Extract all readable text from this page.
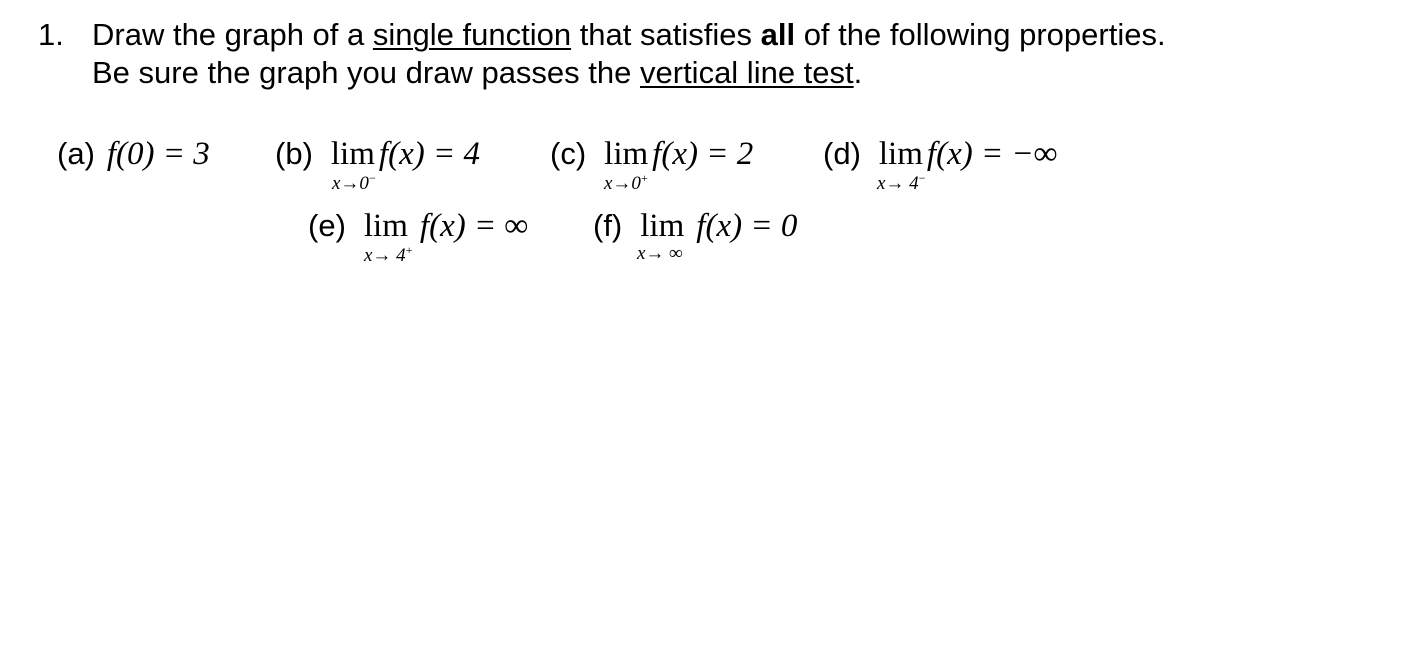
1. Draw the graph of a single function that satisfies all of the following properties.
Be sure the graph you draw passes the vertical line test.
(a) f(0) = 3 (b) lim f(x) = 4
x→0−
(c) lim f(x) = 2
x→0+
(d) lim f(x) = −∞
x→ 4−
(e) lim f(x) = ∞
x→ 4+
(f) lim f(x) = 0
x→ ∞
